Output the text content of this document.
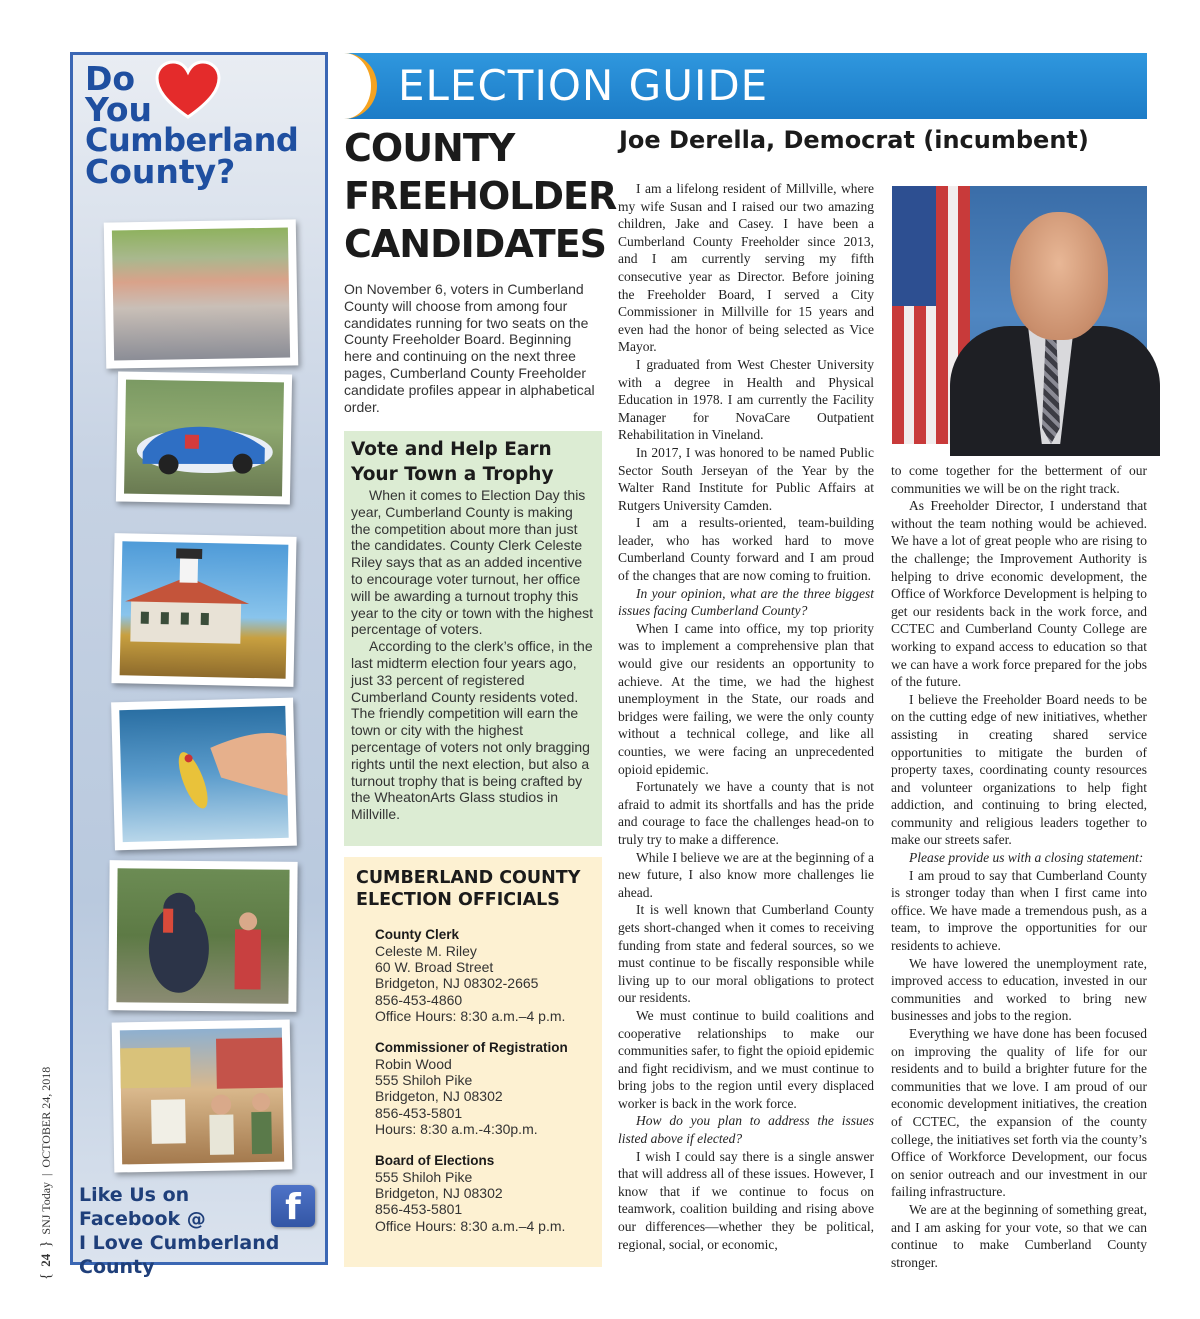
{
24
}
SNJ Today
|
OCTOBER 24, 2018
Do
You
Cumberland
County?
Like Us on
Facebook @
I Love Cumberland County
f
ELECTION GUIDE
COUNTY
FREEHOLDER
CANDIDATES

On November 6, voters in Cumberland County will choose from among four candidates running for two seats on the County Freeholder Board. Beginning here and continuing on the next three pages, Cumberland County Freeholder candidate profiles appear in alphabetical order.

Vote and Help Earn Your Town a Trophy

When it comes to Election Day this year, Cumberland County is making the competition about more than just the candidates. County Clerk Celeste Riley says that as an added incentive to encourage voter turnout, her office will be awarding a turnout trophy this year to the city or town with the highest percentage of voters.

According to the clerk’s office, in the last midterm election four years ago, just 33 percent of registered Cumberland County residents voted. The friendly competition will earn the town or city with the highest percentage of voters not only bragging rights until the next election, but also a turnout trophy that is being crafted by the WheatonArts Glass studios in Millville.

CUMBERLAND COUNTY
ELECTION OFFICIALS
County Clerk
Celeste M. Riley
60 W. Broad Street
Bridgeton, NJ 08302-2665
856-453-4860
Office Hours: 8:30 a.m.–4 p.m.
Commissioner of Registration
Robin Wood
555 Shiloh Pike
Bridgeton, NJ 08302
856-453-5801
Hours: 8:30 a.m.-4:30p.m.
Board of Elections
555 Shiloh Pike
Bridgeton, NJ 08302
856-453-5801
Office Hours: 8:30 a.m.–4 p.m.
Joe Derella, Democrat (incumbent)

I am a lifelong resident of Millville, where my wife Susan and I raised our two amazing children, Jake and Casey. I have been a Cumberland County Freeholder since 2013, and I am currently serving my fifth consecutive year as Director. Before joining the Freeholder Board, I served a City Commissioner in Millville for 15 years and even had the honor of being selected as Vice Mayor.

I graduated from West Chester University with a degree in Health and Physical Education in 1978. I am currently the Facility Manager for NovaCare Outpatient Rehabilitation in Vineland.

In 2017, I was honored to be named Public Sector South Jerseyan of the Year by the Walter Rand Institute for Public Affairs at Rutgers University Camden.

I am a results-oriented, team-building leader, who has worked hard to move Cumberland County forward and I am proud of the changes that are now coming to fruition.

In your opinion, what are the three biggest issues facing Cumberland County?

When I came into office, my top priority was to implement a comprehensive plan that would give our residents an opportunity to achieve. At the time, we had the highest unemployment in the State, our roads and bridges were failing, we were the only county without a technical college, and like all counties, we were facing an unprecedented opioid epidemic.

Fortunately we have a county that is not afraid to admit its shortfalls and has the pride and courage to face the challenges head-on to truly try to make a difference.

While I believe we are at the beginning of a new future, I also know more challenges lie ahead.

It is well known that Cumberland County gets short-changed when it comes to receiving funding from state and federal sources, so we must continue to be fiscally responsible while living up to our moral obligations to protect our residents.

We must continue to build coalitions and cooperative relationships to make our communities safer, to fight the opioid epidemic and fight recidivism, and we must continue to bring jobs to the region until every displaced worker is back in the work force.

How do you plan to address the issues listed above if elected?

I wish I could say there is a single answer that will address all of these issues. However, I know that if we continue to focus on teamwork, coalition building and rising above our differences—whether they be political, regional, social, or economic,

to come together for the betterment of our communities we will be on the right track.

As Freeholder Director, I understand that without the team nothing would be achieved. We have a lot of great people who are rising to the challenge; the Improvement Authority is helping to drive economic development, the Office of Workforce Development is helping to get our residents back in the work force, and CCTEC and Cumberland County College are working to expand access to education so that we can have a work force prepared for the jobs of the future.

I believe the Freeholder Board needs to be on the cutting edge of new initiatives, whether assisting in creating shared service opportunities to mitigate the burden of property taxes, coordinating county resources and volunteer organizations to help fight addiction, and continuing to bring elected, community and religious leaders together to make our streets safer.

Please provide us with a closing statement:

I am proud to say that Cumberland County is stronger today than when I first came into office. We have made a tremendous push, as a team, to improve the opportunities for our residents to achieve.

We have lowered the unemployment rate, improved access to education, invested in our communities and worked to bring new businesses and jobs to the region.

Everything we have done has been focused on improving the quality of life for our residents and to build a brighter future for the communities that we love. I am proud of our economic development initiatives, the creation of CCTEC, the expansion of the county college, the initiatives set forth via the county’s Office of Workforce Development, our focus on senior outreach and our investment in our failing infrastructure.

We are at the beginning of something great, and I am asking for your vote, so that we can continue to make Cumberland County stronger.
